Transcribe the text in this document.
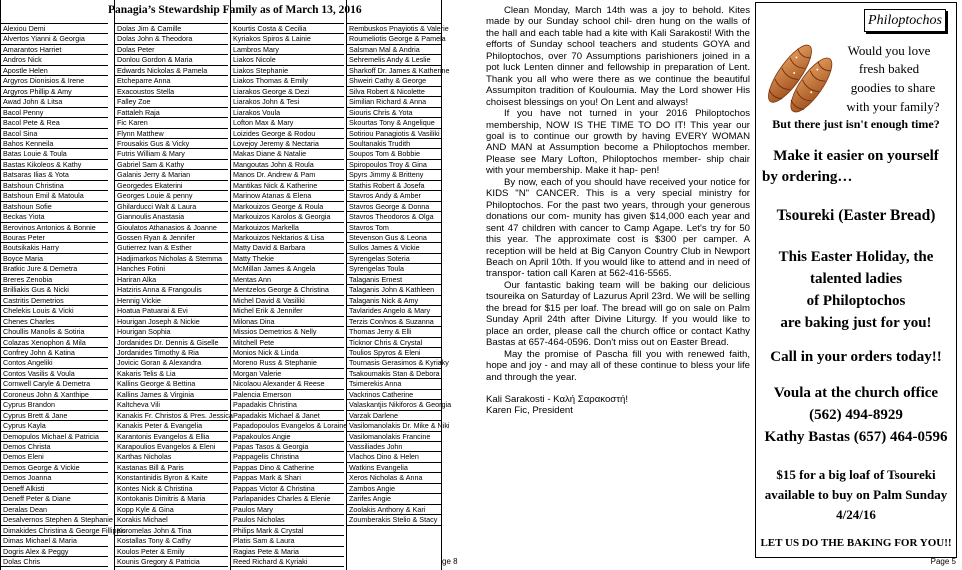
Panagia’s Stewardship Family as of March 13, 2016
Alexiou Demi
Alvertos Yianni & Georgia
Amarantos Harriet
Andros Nick
Apostle Helen
Argyros Dionisios & Irene
Argyros Phillip & Amy
Awad John & Litsa
Bacol Penny
Bacol Pete & Rea
Bacol Sina
Bahos Kenneila
Batas Louie & Toula
Bastas Kikoleos & Kathy
Batsaras Ilias & Yota
Batshoun Christina
Batshoun Emil & Matoula
Batshoun Sofie
Beckas Yiota
Berovinos Antonios & Bonnie
Bouras Peter
Boutsikakis Harry
Boyce Maria
Bratkic Jure & Demetra
Breres Zenobia
Brilliakis Gus & Nicki
Castritis Demetrios
Chelekis Louis & Vicki
Chenes Charles
Choullis Manolis & Sotiria
Colazas Xenophon & Mila
Confrey John & Katina
Contos Angeliki
Contos Vasilis & Voula
Cornwell Caryle & Demetra
Coroneus John & Xanthipe
Cyprus Brandon
Cyprus Brett & Jane
Cyprus Kayla
Demopulos Michael & Patricia
Demos Christa
Demos Eleni
Demos George & Vickie
Demos Joanna
Deneff Alkisti
Deneff Peter & Diane
Deralas Dean
Desalvernos Stephen & Stephanie
Dimakides Christina & George Fillippis
Dimas Michael & Maria
Dogris Alex & Peggy
Dolas Chris
Dolas Jim & Camille
Dolas John & Theodora
Dolas Peter
Donlou Gordon & Maria
Edwards Nickolas & Pamela
Etcheparre Anna
Exacoustos Stella
Falley Zoe
Fattaleh Raja
Fic Karen
Flynn Matthew
Frousakis Gus & Vicky
Futris William & Mary
Gabriel Sam & Kathy
Galanis Jerry & Marian
Georgedes Ekaterini
Georges Louie & penny
Ghilarducci Walt & Laura
Giannoulis Anastasia
Gioulatos Athanasios & Joanne
Gossen Ryan & Jennifer
Gutierrez Ivan & Esther
Hadjimarkos Nicholas & Stemma
Hanches Fotini
Hariran Alka
Hatziris Anna & Frangoulis
Hennig Vickie
Hoatua Patuarai & Evi
Hourigan Joseph & Nickie
Hourigan Sophia
Jordanides Dr. Dennis & Giselle
Jordanides Timothy & Ria
Jovicic Goran & Alexandra
Kakaris Telis & Lia
Kallins George & Bettina
Kallins James & Virginia
Kaltcheva Vili
Kanakis Fr. Christos & Pres. Jessica
Kanakis Peter & Evangelia
Karantonis Evangelos & Ellia
Karapoulios Evangelos & Eleni
Karthas Nicholas
Kastanas Bill & Paris
Konstantinidis Byron & Kaite
Kontes Nick & Christina
Kontokanis Dimitris & Maria
Kopp Kyle & Gina
Korakis Michael
Koromelas John & Tina
Kostallas Tony & Cathy
Koulos Peter & Emily
Kounis Gregory & Patricia
Kourtis Costa & Cecilia
Kyriakos Spiros & Lainie
Lambros Mary
Liakos Nicole
Liakos Stephanie
Liakos Thomas & Emily
Liarakos George & Dezi
Liarakos John & Tesi
Liarakos Voula
Lofton Max & Mary
Loizides George & Rodou
Lovejoy Jeremy & Nectaria
Makas Diane & Natalie
Mangoutas John & Roula
Manos Dr. Andrew & Pam
Mantikas Nick & Katherine
Marinow Atanas & Elena
Markouizos George & Roula
Markouizos Karolos & Georgia
Markouizos Markella
Markouizos Nektarios & Lisa
Matty David & Barbara
Matty Thekie
McMillan James & Angela
Mentas Ann
Mentzelos George & Christina
Michel David & Vasiliki
Michel Erik & Jennifer
Milonas Dina
Missios Demetrios & Nelly
Mitchell Pete
Monios Nick & Linda
Moreno Russ & Stephanie
Morgan Valerie
Nicolaou Alexander & Reese
Palencia Emerson
Papadakis Christina
Papadakis Michael & Janet
Papadopoulos Evangelos & Loraine
Papakoulos Angie
Papas Tasos & Georgia
Pappagelis Christina
Pappas Dino & Catherine
Pappas Mark & Shari
Pappas Victor & Christina
Parlapanides Charles & Elenie
Paulos Mary
Paulos Nicholas
Philips Mark & Crystal
Platis Sam & Laura
Ragias Pete & Maria
Reed Richard & Kyriaki
Rembuskos Pnayiotis & Valerie
Roumeliotis George & Pamela
Salsman Mal & Andria
Sehremelis Andy & Leslie
Sharkoff Dr. James & Katherine
Shweiri Cathy & George
Silva Robert & Nicolette
Similian Richard & Anna
Siouris Chris & Yota
Skourtas Tony & Angelique
Sotiriou Panagiotis & Vasiliki
Soultanakis Trudith
Soupos Tom & Bobbie
Spiropoulos Troy & Gina
Spyrs Jimmy & Britteny
Stathis Robert & Josefa
Stavros Andy & Amber
Stavros George & Donna
Stavros Theodoros & Olga
Stavros Tom
Stevenson Gus & Leona
Sullos James & Vickie
Syrengelas Soteria
Syrengelas Toula
Talaganis Ernest
Talaganis John & Kathleen
Talaganis Nick & Amy
Tavlarides Angelo & Mary
Terzis Con/nos & Suzanna
Thomas Jerry & Elli
Ticknor Chris & Crystal
Toulios Spyros & Eleni
Tournasis Gerasimos & Kyriaky
Tsakoumakis Stan & Debora
Tsimerekis Anna
Vackrinos Catherine
Valaskantjis Nikiforos & Georgia
Varzak Darlene
Vasilomanolakis Dr. Mike & Niki
Vasilomanolakis Francine
Vassiliades John
Vlachos Dino & Helen
Watkins Evangelia
Xeros Nicholas & Anna
Zambos Angie
Zarifes Angie
Zoolakis Anthony & Kari
Zoumberakis Stelio & Stacy

Clean Monday, March 14th was a joy to behold. Kites made by our Sunday school chil- dren hung on the walls of the hall and each table had a kite with Kali Sarakosti! With the efforts of Sunday school teachers and students GOYA and Philoptochos, over 70 Assumptions parishioners joined in a pot luck Lenten dinner and fellowship in preparation of Lent. Thank you all who were there as we continue the beautiful Assumpiton tradition of Kouloumia. May the Lord shower His choisest blessings on you! On Lent and always!

If you have not turned in your 2016 Philoptochos membership, NOW IS THE TIME TO DO IT! This year our goal is to continue our growth by having EVERY WOMAN AND MAN at Assumption become a Philoptochos member. Please see Mary Lofton, Philoptochos member- ship chair with your membership. Make it hap- pen!

By now, each of you should have received your notice for KIDS "N" CANCER. This is a very special ministry for Philoptochos. For the past two years, through your generous donations our com- munity has given $14,000 each year and sent 47 children with cancer to Camp Agape. Let's try for 50 this year. The approximate cost is $300 per camper. A reception will be held at Big Canyon Country Club in Newport Beach on April 10th. If you would like to attend and in need of transpor- tation call Karen at 562-416-5565.

Our fantastic baking team will be baking our delicious tsoureika on Saturday of Lazurus April 23rd. We will be selling the bread for $15 per loaf. The bread will go on sale on Palm Sunday April 24th after Divine Liturgy. If you would like to place an order, please call the church office or contact Kathy Bastas at 657-464-0596. Don't miss out on Easter Bread.

May the promise of Pascha fill you with renewed faith, hope and joy - and may all of these continue to bless your life and through the year.

Kali Sarakosti - Καλή Σαρακοστή!

Karen Fic, President

ge 8
Philoptochos
Would you love
fresh baked
goodies to share
with your family?
But there just isn't enough time?
Make it easier on yourself
by ordering…
Tsoureki (Easter Bread)
This Easter Holiday, the
talented ladies
of Philoptochos
are baking just for you!
Call in your orders today!!
Voula at the church office
(562) 494-8929
Kathy Bastas (657) 464-0596
$15 for a big loaf of Tsoureki
available to buy on Palm Sunday
4/24/16
LET US DO THE BAKING FOR YOU!!
Page 5
